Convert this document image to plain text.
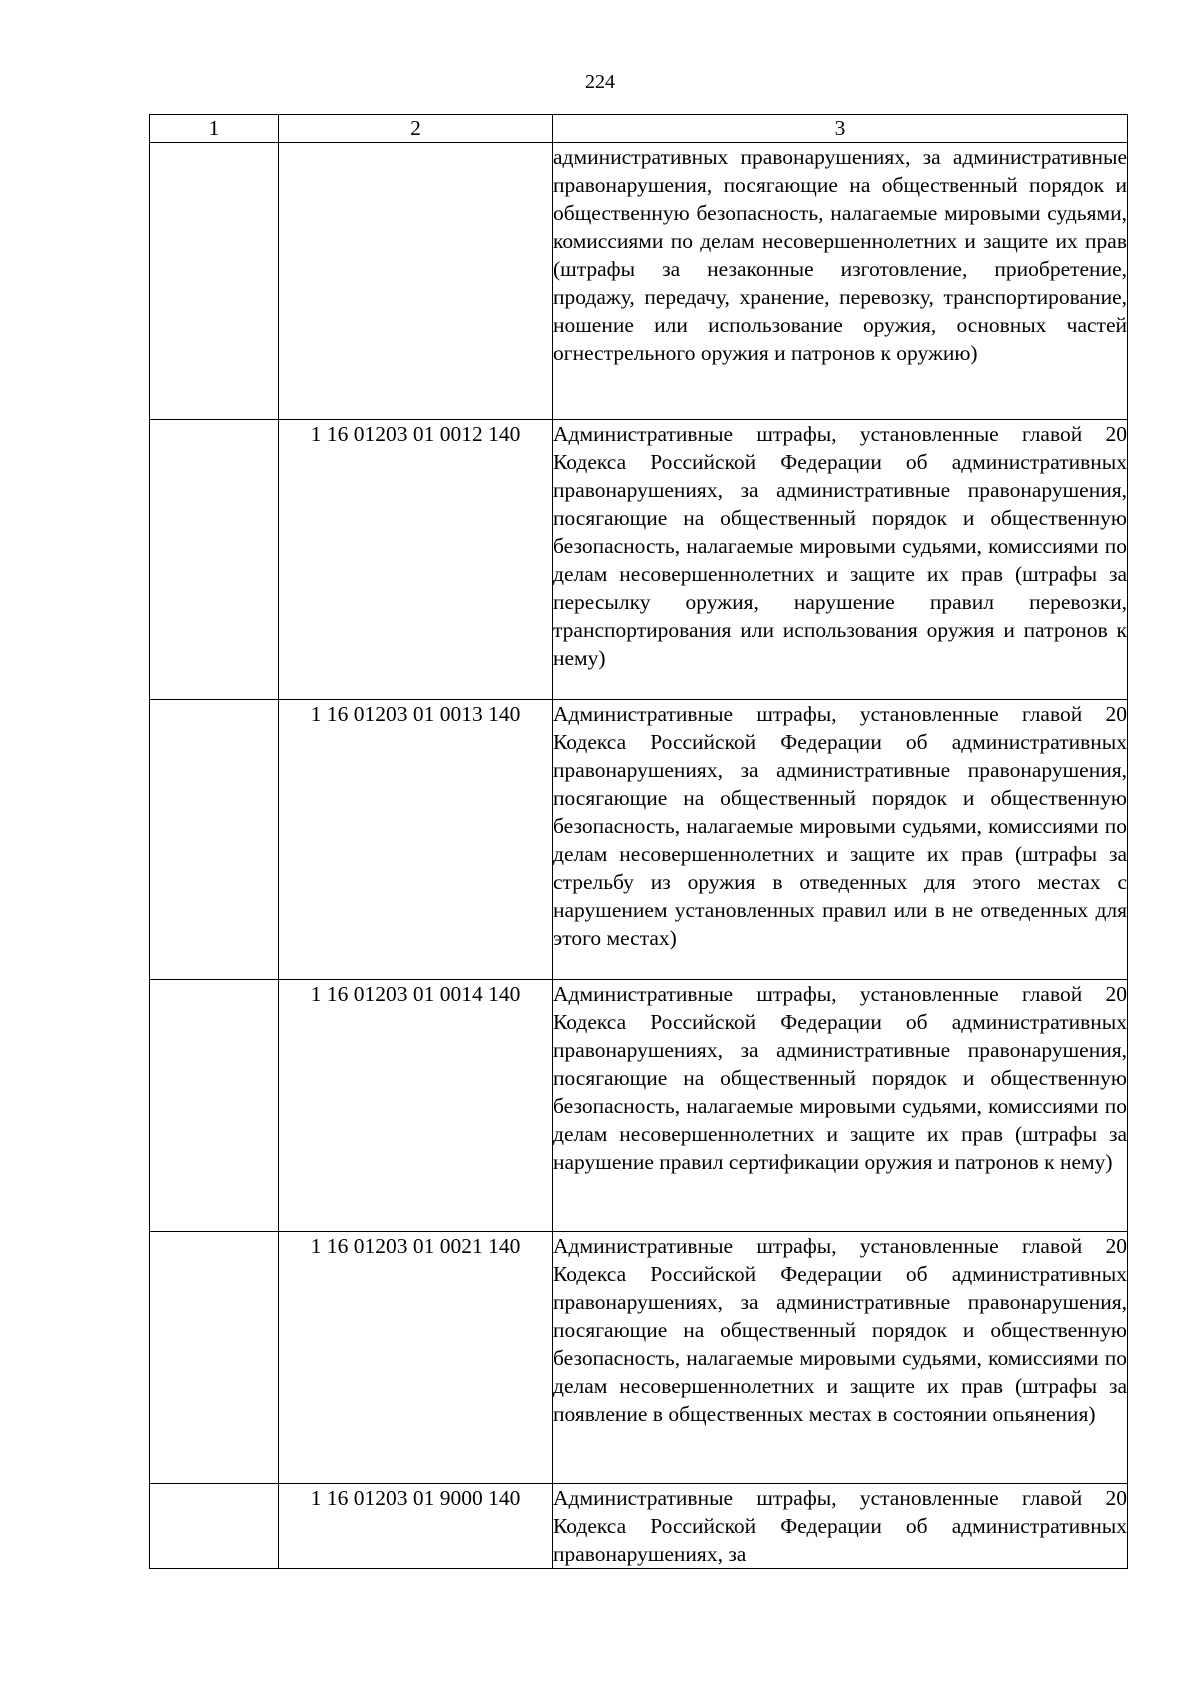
224
1	2	3

		административных правонарушениях, за административные правонарушения, посягающие на общественный порядок и общественную безопасность, налагаемые мировыми судьями, комиссиями по делам несовершеннолетних и защите их прав (штрафы за незаконные изготовление, приобретение, продажу, передачу, хранение, перевозку, транспортирование, ношение или использование оружия, основных частей огнестрельного оружия и патронов к оружию)

	1 16 01203 01 0012 140	Административные штрафы, установленные главой 20 Кодекса Российской Федерации об административных правонарушениях, за административные правонарушения, посягающие на общественный порядок и общественную безопасность, налагаемые мировыми судьями, комиссиями по делам несовершеннолетних и защите их прав (штрафы за пересылку оружия, нарушение правил перевозки, транспортирования или использования оружия и патронов к нему)

	1 16 01203 01 0013 140	Административные штрафы, установленные главой 20 Кодекса Российской Федерации об административных правонарушениях, за административные правонарушения, посягающие на общественный порядок и общественную безопасность, налагаемые мировыми судьями, комиссиями по делам несовершеннолетних и защите их прав (штрафы за стрельбу из оружия в отведенных для этого местах с нарушением установленных правил или в не отведенных для этого местах)

	1 16 01203 01 0014 140	Административные штрафы, установленные главой 20 Кодекса Российской Федерации об административных правонарушениях, за административные правонарушения, посягающие на общественный порядок и общественную безопасность, налагаемые мировыми судьями, комиссиями по делам несовершеннолетних и защите их прав (штрафы за нарушение правил сертификации оружия и патронов к нему)

	1 16 01203 01 0021 140	Административные штрафы, установленные главой 20 Кодекса Российской Федерации об административных правонарушениях, за административные правонарушения, посягающие на общественный порядок и общественную безопасность, налагаемые мировыми судьями, комиссиями по делам несовершеннолетних и защите их прав (штрафы за появление в общественных местах в состоянии опьянения)

	1 16 01203 01 9000 140	Административные штрафы, установленные главой 20 Кодекса Российской Федерации об административных правонарушениях, за
